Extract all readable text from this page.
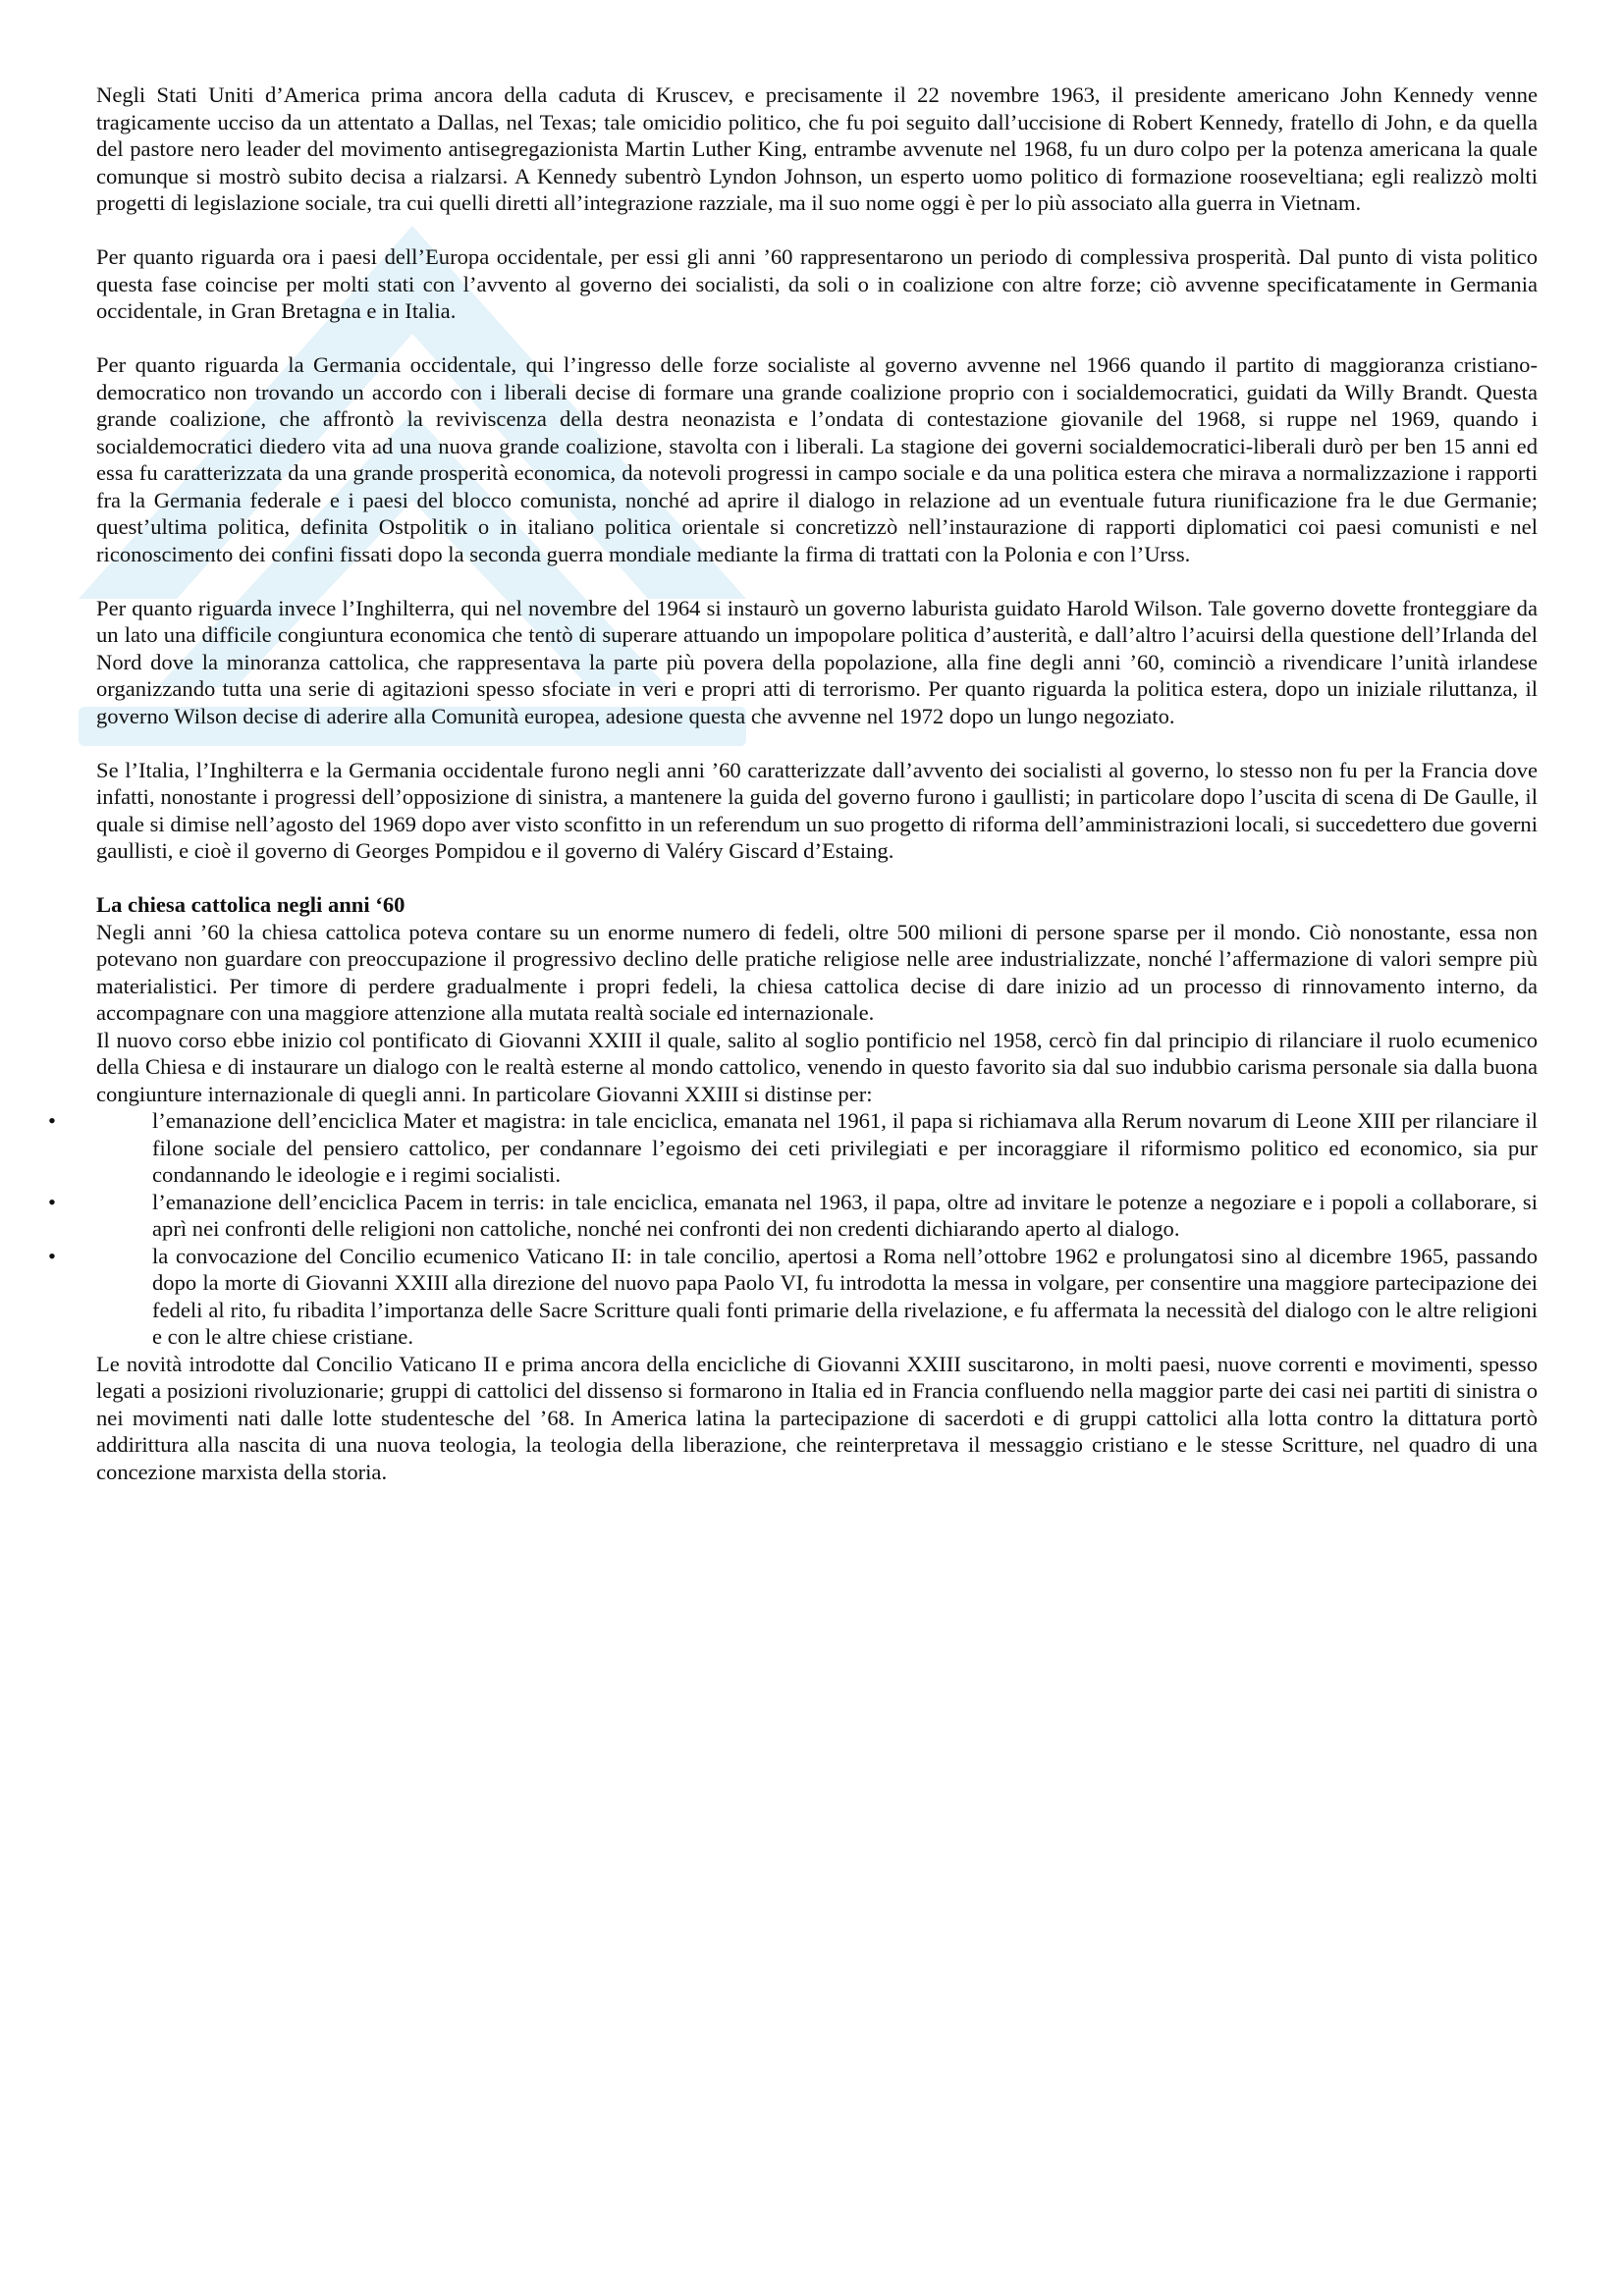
Negli Stati Uniti d’America prima ancora della caduta di Kruscev, e precisamente il 22 novembre 1963, il presidente americano John Kennedy venne tragicamente ucciso da un attentato a Dallas, nel Texas; tale omicidio politico, che fu poi seguito dall’uccisione di Robert Kennedy, fratello di John, e da quella del pastore nero leader del movimento antisegregazionista Martin Luther King, entrambe avvenute nel 1968, fu un duro colpo per la potenza americana la quale comunque si mostrò subito decisa a rialzarsi. A Kennedy subentrò Lyndon Johnson, un esperto uomo politico di formazione rooseveltiana; egli realizzò molti progetti di legislazione sociale, tra cui quelli diretti all’integrazione razziale, ma il suo nome oggi è per lo più associato alla guerra in Vietnam.

Per quanto riguarda ora i paesi dell’Europa occidentale, per essi gli anni ’60 rappresentarono un periodo di complessiva prosperità. Dal punto di vista politico questa fase coincise per molti stati con l’avvento al governo dei socialisti, da soli o in coalizione con altre forze; ciò avvenne specificatamente in Germania occidentale, in Gran Bretagna e in Italia.

Per quanto riguarda la Germania occidentale, qui l’ingresso delle forze socialiste al governo avvenne nel 1966 quando il partito di maggioranza cristiano-democratico non trovando un accordo con i liberali decise di formare una grande coalizione proprio con i socialdemocratici, guidati da Willy Brandt. Questa grande coalizione, che affrontò la reviviscenza della destra neonazista e l’ondata di contestazione giovanile del 1968, si ruppe nel 1969, quando i socialdemocratici diedero vita ad una nuova grande coalizione, stavolta con i liberali. La stagione dei governi socialdemocratici-liberali durò per ben 15 anni ed essa fu caratterizzata da una grande prosperità economica, da notevoli progressi in campo sociale e da una politica estera che mirava a normalizzazione i rapporti fra la Germania federale e i paesi del blocco comunista, nonché ad aprire il dialogo in relazione ad un eventuale futura riunificazione fra le due Germanie; quest’ultima politica, definita Ostpolitik o in italiano politica orientale si concretizzò nell’instaurazione di rapporti diplomatici coi paesi comunisti e nel riconoscimento dei confini fissati dopo la seconda guerra mondiale mediante la firma di trattati con la Polonia e con l’Urss.

Per quanto riguarda invece l’Inghilterra, qui nel novembre del 1964 si instaurò un governo laburista guidato Harold Wilson. Tale governo dovette fronteggiare da un lato una difficile congiuntura economica che tentò di superare attuando un impopolare politica d’austerità, e dall’altro l’acuirsi della questione dell’Irlanda del Nord dove la minoranza cattolica, che rappresentava la parte più povera della popolazione, alla fine degli anni ’60, cominciò a rivendicare l’unità irlandese organizzando tutta una serie di agitazioni spesso sfociate in veri e propri atti di terrorismo. Per quanto riguarda la politica estera, dopo un iniziale riluttanza, il governo Wilson decise di aderire alla Comunità europea, adesione questa che avvenne nel 1972 dopo un lungo negoziato.

Se l’Italia, l’Inghilterra e la Germania occidentale furono negli anni ’60 caratterizzate dall’avvento dei socialisti al governo, lo stesso non fu per la Francia dove infatti, nonostante i progressi dell’opposizione di sinistra, a mantenere la guida del governo furono i gaullisti; in particolare dopo l’uscita di scena di De Gaulle, il quale si dimise nell’agosto del 1969 dopo aver visto sconfitto in un referendum un suo progetto di riforma dell’amministrazioni locali, si succedettero due governi gaullisti, e cioè il governo di Georges Pompidou e il governo di Valéry Giscard d’Estaing.

La chiesa cattolica negli anni ‘60

Negli anni ’60 la chiesa cattolica poteva contare su un enorme numero di fedeli, oltre 500 milioni di persone sparse per il mondo. Ciò nonostante, essa non potevano non guardare con preoccupazione il progressivo declino delle pratiche religiose nelle aree industrializzate, nonché l’affermazione di valori sempre più materialistici. Per timore di perdere gradualmente i propri fedeli, la chiesa cattolica decise di dare inizio ad un processo di rinnovamento interno, da accompagnare con una maggiore attenzione alla mutata realtà sociale ed internazionale.

Il nuovo corso ebbe inizio col pontificato di Giovanni XXIII il quale, salito al soglio pontificio nel 1958, cercò fin dal principio di rilanciare il ruolo ecumenico della Chiesa e di instaurare un dialogo con le realtà esterne al mondo cattolico, venendo in questo favorito sia dal suo indubbio carisma personale sia dalla buona congiunture internazionale di quegli anni. In particolare Giovanni XXIII si distinse per:

•	l’emanazione dell’enciclica Mater et magistra: in tale enciclica, emanata nel 1961, il papa si richiamava alla Rerum novarum di Leone XIII per rilanciare il filone sociale del pensiero cattolico, per condannare l’egoismo dei ceti privilegiati e per incoraggiare il riformismo politico ed economico, sia pur condannando le ideologie e i regimi socialisti.
•	l’emanazione dell’enciclica Pacem in terris: in tale enciclica, emanata nel 1963, il papa, oltre ad invitare le potenze a negoziare e i popoli a collaborare, si aprì nei confronti delle religioni non cattoliche, nonché nei confronti dei non credenti dichiarando aperto al dialogo.
•	la convocazione del Concilio ecumenico Vaticano II: in tale concilio, apertosi a Roma nell’ottobre 1962 e prolungatosi sino al dicembre 1965, passando dopo la morte di Giovanni XXIII alla direzione del nuovo papa Paolo VI, fu introdotta la messa in volgare, per consentire una maggiore partecipazione dei fedeli al rito, fu ribadita l’importanza delle Sacre Scritture quali fonti primarie della rivelazione, e fu affermata la necessità del dialogo con le altre religioni e con le altre chiese cristiane.

Le novità introdotte dal Concilio Vaticano II e prima ancora della encicliche di Giovanni XXIII suscitarono, in molti paesi, nuove correnti e movimenti, spesso legati a posizioni rivoluzionarie; gruppi di cattolici del dissenso si formarono in Italia ed in Francia confluendo nella maggior parte dei casi nei partiti di sinistra o nei movimenti nati dalle lotte studentesche del ’68. In America latina la partecipazione di sacerdoti e di gruppi cattolici alla lotta contro la dittatura portò addirittura alla nascita di una nuova teologia, la teologia della liberazione, che reinterpretava il messaggio cristiano e le stesse Scritture, nel quadro di una concezione marxista della storia.
